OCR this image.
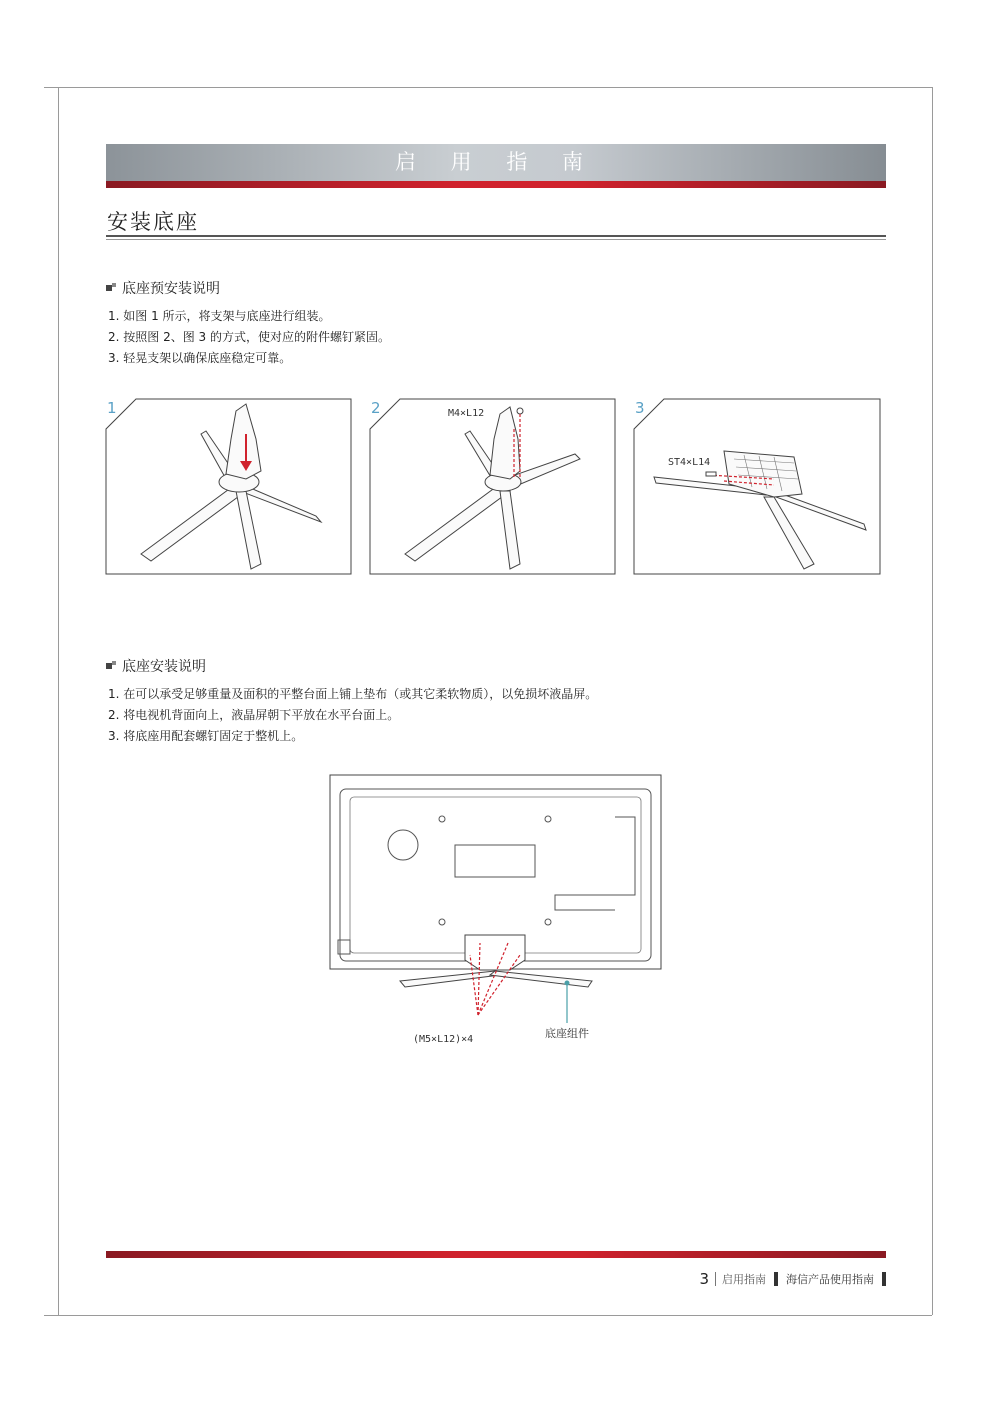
启 用 指 南
安装底座
底座预安装说明
1. 如图 1 所示，将支架与底座进行组装。
2. 按照图 2、图 3 的方式，使对应的附件螺钉紧固。
3. 轻晃支架以确保底座稳定可靠。
1	2	M4×L12	3
ST4×L14
底座安装说明
1. 在可以承受足够重量及面积的平整台面上铺上垫布（或其它柔软物质），以免损坏液晶屏。
2. 将电视机背面向上，液晶屏朝下平放在水平台面上。
3. 将底座用配套螺钉固定于整机上。
(M5×L12)×4	底座组件
3 启用指南 海信产品使用指南
